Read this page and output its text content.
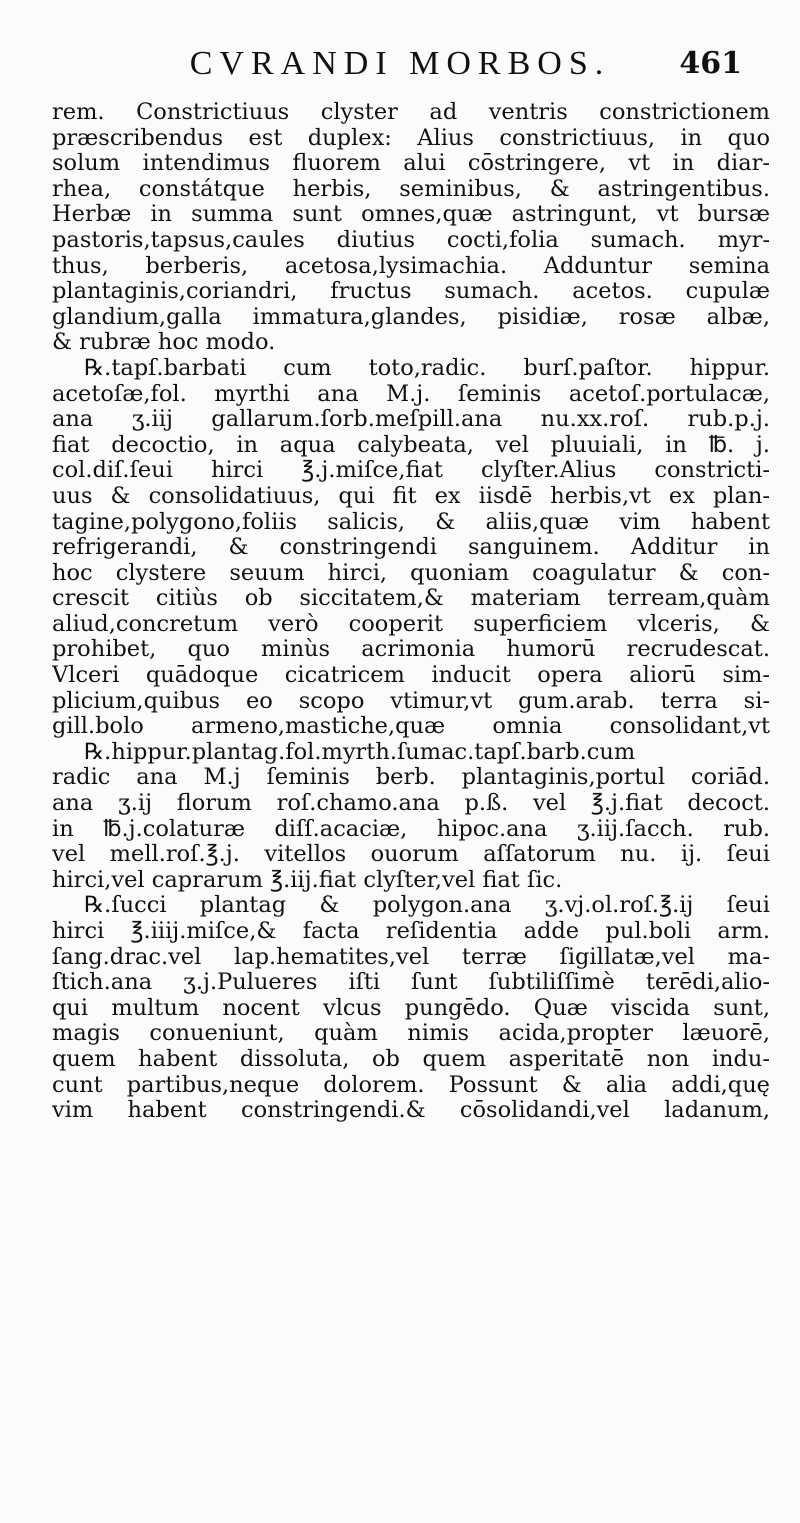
CVRANDI MORBOS.	461
rem. Constrictiuus clyster ad ventris constrictionem
præscribendus est duplex: Alius constrictiuus, in quo
solum intendimus fluorem alui cōstringere, vt in diar-
rhea, constátque herbis, seminibus, & astringentibus.
Herbæ in summa sunt omnes,quæ astringunt, vt bursæ
pastoris,tapsus,caules diutius cocti,folia sumach. myr-
thus, berberis, acetosa,lysimachia. Adduntur semina
plantaginis,coriandri, fructus sumach. acetos. cupulæ
glandium,galla immatura,glandes, pisidiæ, rosæ albæ,
& rubræ hoc modo.
℞.tapſ.barbati cum toto,radic. burſ.paſtor. hippur.
acetoſæ,fol. myrthi ana M.j. ſeminis acetoſ.portulacæ,
ana ʒ.iij gallarum.ſorb.meſpill.ana nu.xx.roſ. rub.p.j.
fiat decoctio, in aqua calybeata, vel pluuiali, in ℔. j.
col.diſ.ſeui hirci ℥.j.miſce,fiat clyſter.Alius constricti-
uus & consolidatiuus, qui fit ex iisdē herbis,vt ex plan-
tagine,polygono,foliis salicis, & aliis,quæ vim habent
refrigerandi, & constringendi sanguinem. Additur in
hoc clystere seuum hirci, quoniam coagulatur & con-
crescit citiùs ob siccitatem,& materiam terream,quàm
aliud,concretum verò cooperit superficiem vlceris, &
prohibet, quo minùs acrimonia humorū recrudescat.
Vlceri quādoque cicatricem inducit opera aliorū sim-
plicium,quibus eo scopo vtimur,vt gum.arab. terra si-
gill.bolo armeno,mastiche,quæ omnia consolidant,vt
℞.hippur.plantag.fol.myrth.ſumac.tapſ.barb.cum
radic ana M.j ſeminis berb. plantaginis,portul coriād.
ana ʒ.ij florum roſ.chamo.ana p.ß. vel ℥.j.fiat decoct.
in ℔.j.colaturæ diſſ.acaciæ, hipoc.ana ʒ.iij.ſacch. rub.
vel mell.roſ.℥.j. vitellos ouorum aſſatorum nu. ij. ſeui
hirci,vel caprarum ℥.iij.fiat clyſter,vel fiat ſic.
℞.ſucci plantag & polygon.ana ʒ.vj.ol.roſ.℥.ij ſeui
hirci ℥.iiij.miſce,& facta reſidentia adde pul.boli arm.
ſang.drac.vel lap.hematites,vel terræ ſigillatæ,vel ma-
ſtich.ana ʒ.j.Pulueres iſti ſunt ſubtiliſſimè terēdi,alio-
qui multum nocent vlcus pungēdo. Quæ viscida sunt,
magis conueniunt, quàm nimis acida,propter læuorē,
quem habent dissoluta, ob quem asperitatē non indu-
cunt partibus,neque dolorem. Possunt & alia addi,quę
vim habent constringendi.& cōsolidandi,vel ladanum,
